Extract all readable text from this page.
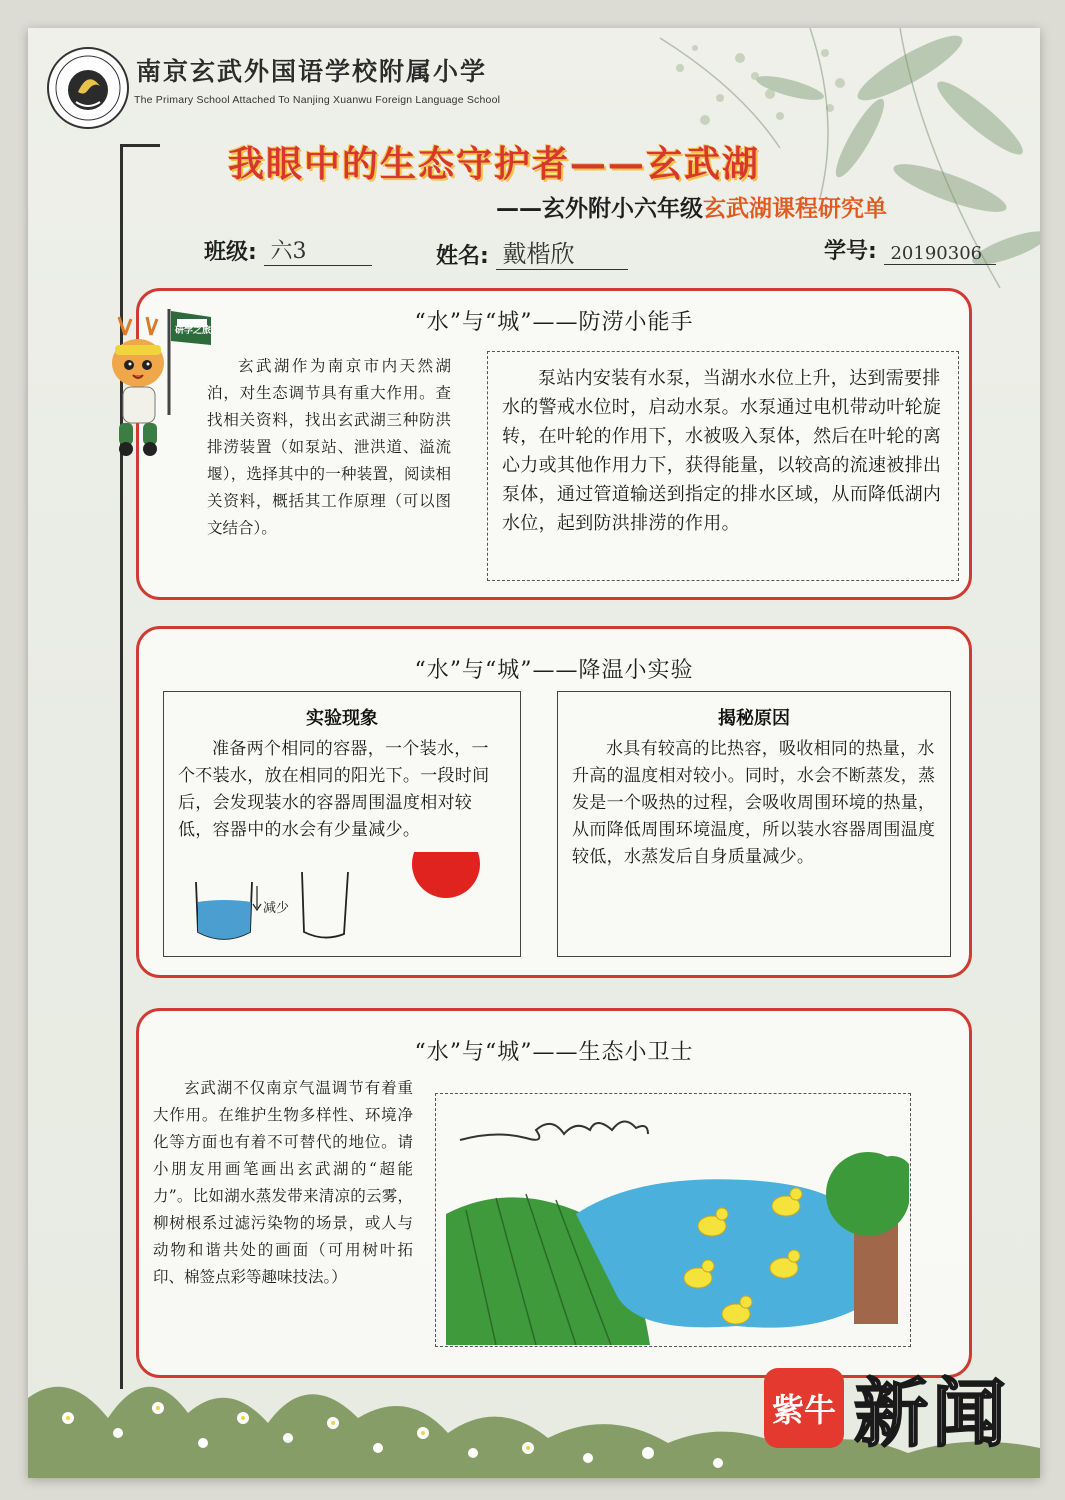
南京玄武外国语学校附属小学
The Primary School Attached To Nanjing Xuanwu Foreign Language School
我眼中的生态守护者——玄武湖
——玄外附小六年级玄武湖课程研究单
班级: 六3	姓名: 戴楷欣	学号: 20190306
“水”与“城”——防涝小能手
研学之旅
玄武湖作为南京市内天然湖泊，对生态调节具有重大作用。查找相关资料，找出玄武湖三种防洪排涝装置（如泵站、泄洪道、溢流堰），选择其中的一种装置，阅读相关资料，概括其工作原理（可以图文结合）。
泵站内安装有水泵，当湖水水位上升，达到需要排水的警戒水位时，启动水泵。水泵通过电机带动叶轮旋转，在叶轮的作用下，水被吸入泵体，然后在叶轮的离心力或其他作用力下，获得能量，以较高的流速被排出泵体，通过管道输送到指定的排水区域，从而降低湖内水位，起到防洪排涝的作用。
“水”与“城”——降温小实验
实验现象
准备两个相同的容器，一个装水，一个不装水，放在相同的阳光下。一段时间后，会发现装水的容器周围温度相对较低，容器中的水会有少量减少。
减少
揭秘原因
水具有较高的比热容，吸收相同的热量，水升高的温度相对较小。同时，水会不断蒸发，蒸发是一个吸热的过程，会吸收周围环境的热量，从而降低周围环境温度，所以装水容器周围温度较低，水蒸发后自身质量减少。
“水”与“城”——生态小卫士
玄武湖不仅南京气温调节有着重大作用。在维护生物多样性、环境净化等方面也有着不可替代的地位。请小朋友用画笔画出玄武湖的“超能力”。比如湖水蒸发带来清凉的云雾，柳树根系过滤污染物的场景，或人与动物和谐共处的画面（可用树叶拓印、棉签点彩等趣味技法。）
紫牛 新闻
